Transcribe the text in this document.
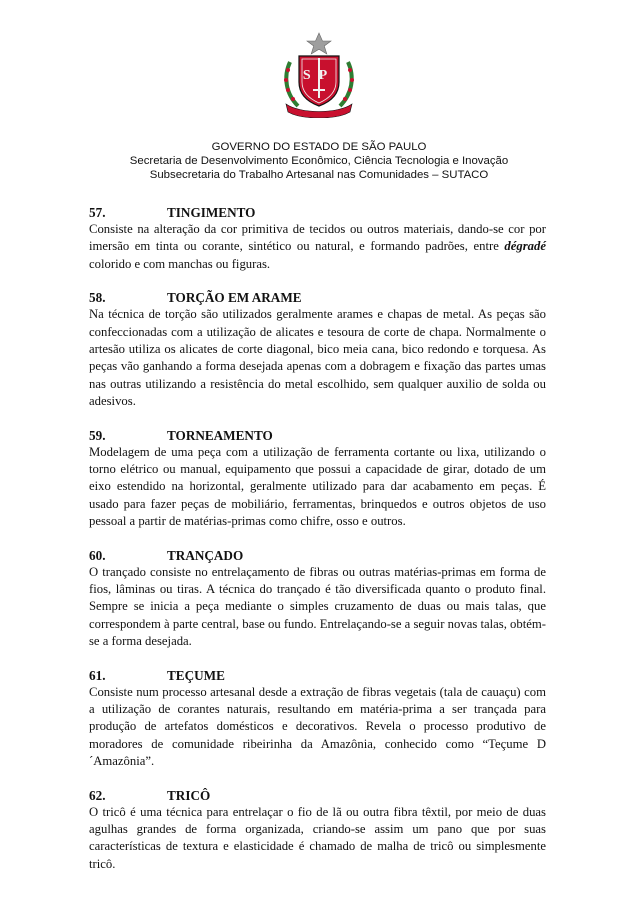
SP
GOVERNO DO ESTADO DE SÃO PAULO
Secretaria de Desenvolvimento Econômico, Ciência Tecnologia e Inovação
Subsecretaria do Trabalho Artesanal nas Comunidades – SUTACO
57.	TINGIMENTO
Consiste na alteração da cor primitiva de tecidos ou outros materiais, dando-se cor por imersão em tinta ou corante, sintético ou natural, e formando padrões, entre dégradé colorido e com manchas ou figuras.
58.	TORÇÃO EM ARAME
Na técnica de torção são utilizados geralmente arames e chapas de metal. As peças são confeccionadas com a utilização de alicates e tesoura de corte de chapa. Normalmente o artesão utiliza os alicates de corte diagonal, bico meia cana, bico redondo e torquesa. As peças vão ganhando a forma desejada apenas com a dobragem e fixação das partes umas nas outras utilizando a resistência do metal escolhido, sem qualquer auxilio de solda ou adesivos.
59.	TORNEAMENTO
Modelagem de uma peça com a utilização de ferramenta cortante ou lixa, utilizando o torno elétrico ou manual, equipamento que possui a capacidade de girar, dotado de um eixo estendido na horizontal, geralmente utilizado para dar acabamento em peças. É usado para fazer peças de mobiliário, ferramentas, brinquedos e outros objetos de uso pessoal a partir de matérias-primas como chifre, osso e outros.
60.	TRANÇADO
O trançado consiste no entrelaçamento de fibras ou outras matérias-primas em forma de fios, lâminas ou tiras. A técnica do trançado é tão diversificada quanto o produto final. Sempre se inicia a peça mediante o simples cruzamento de duas ou mais talas, que correspondem à parte central, base ou fundo. Entrelaçando-se a seguir novas talas, obtém-se a forma desejada.
61.	TEÇUME
Consiste num processo artesanal desde a extração de fibras vegetais (tala de cauaçu) com a utilização de corantes naturais, resultando em matéria-prima a ser trançada para produção de artefatos domésticos e decorativos. Revela o processo produtivo de moradores de comunidade ribeirinha da Amazônia, conhecido como “Teçume D´Amazônia”.
62.	TRICÔ
O tricô é uma técnica para entrelaçar o fio de lã ou outra fibra têxtil, por meio de duas agulhas grandes de forma organizada, criando-se assim um pano que por suas características de textura e elasticidade é chamado de malha de tricô ou simplesmente tricô.
